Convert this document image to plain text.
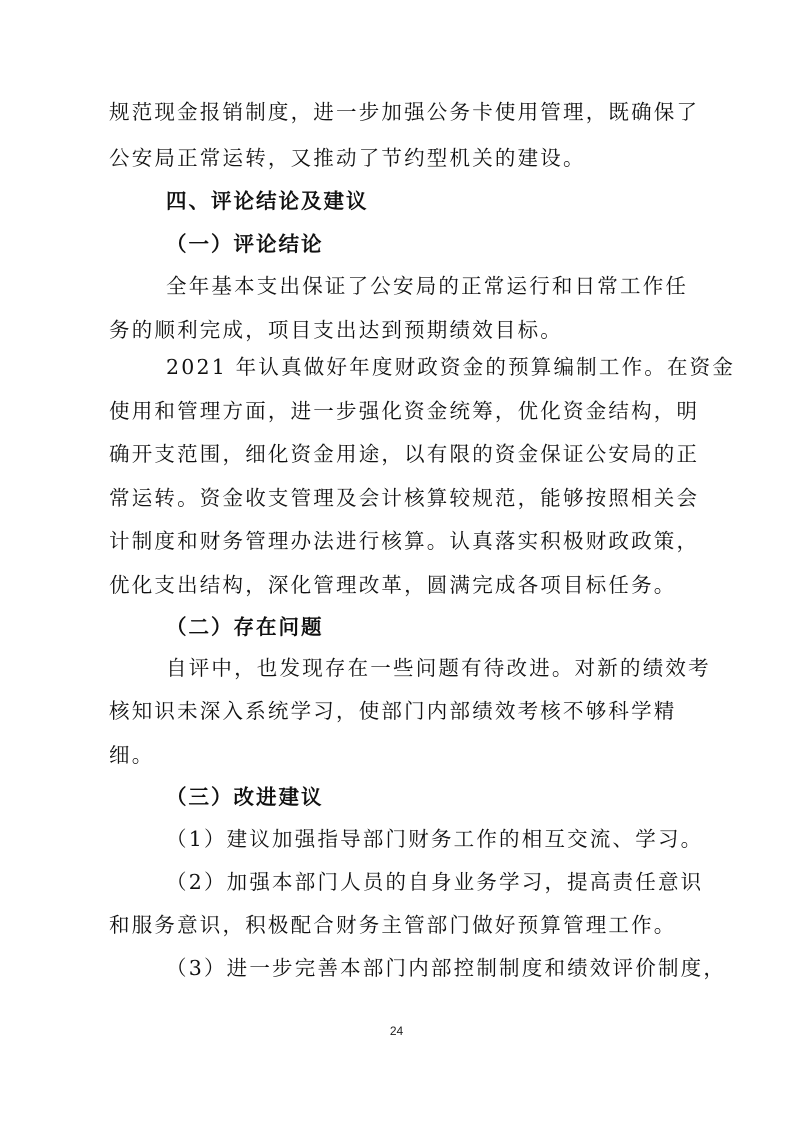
规范现金报销制度，进一步加强公务卡使用管理，既确保了
公安局正常运转，又推动了节约型机关的建设。
四、评论结论及建议
（一）评论结论
全年基本支出保证了公安局的正常运行和日常工作任
务的顺利完成，项目支出达到预期绩效目标。
2021 年认真做好年度财政资金的预算编制工作。在资金
使用和管理方面，进一步强化资金统筹，优化资金结构，明
确开支范围，细化资金用途，以有限的资金保证公安局的正
常运转。资金收支管理及会计核算较规范，能够按照相关会
计制度和财务管理办法进行核算。认真落实积极财政政策，
优化支出结构，深化管理改革，圆满完成各项目标任务。
（二）存在问题
自评中，也发现存在一些问题有待改进。对新的绩效考
核知识未深入系统学习，使部门内部绩效考核不够科学精
细。
（三）改进建议
（1）建议加强指导部门财务工作的相互交流、学习。
（2）加强本部门人员的自身业务学习，提高责任意识
和服务意识，积极配合财务主管部门做好预算管理工作。
（3）进一步完善本部门内部控制制度和绩效评价制度，
24
